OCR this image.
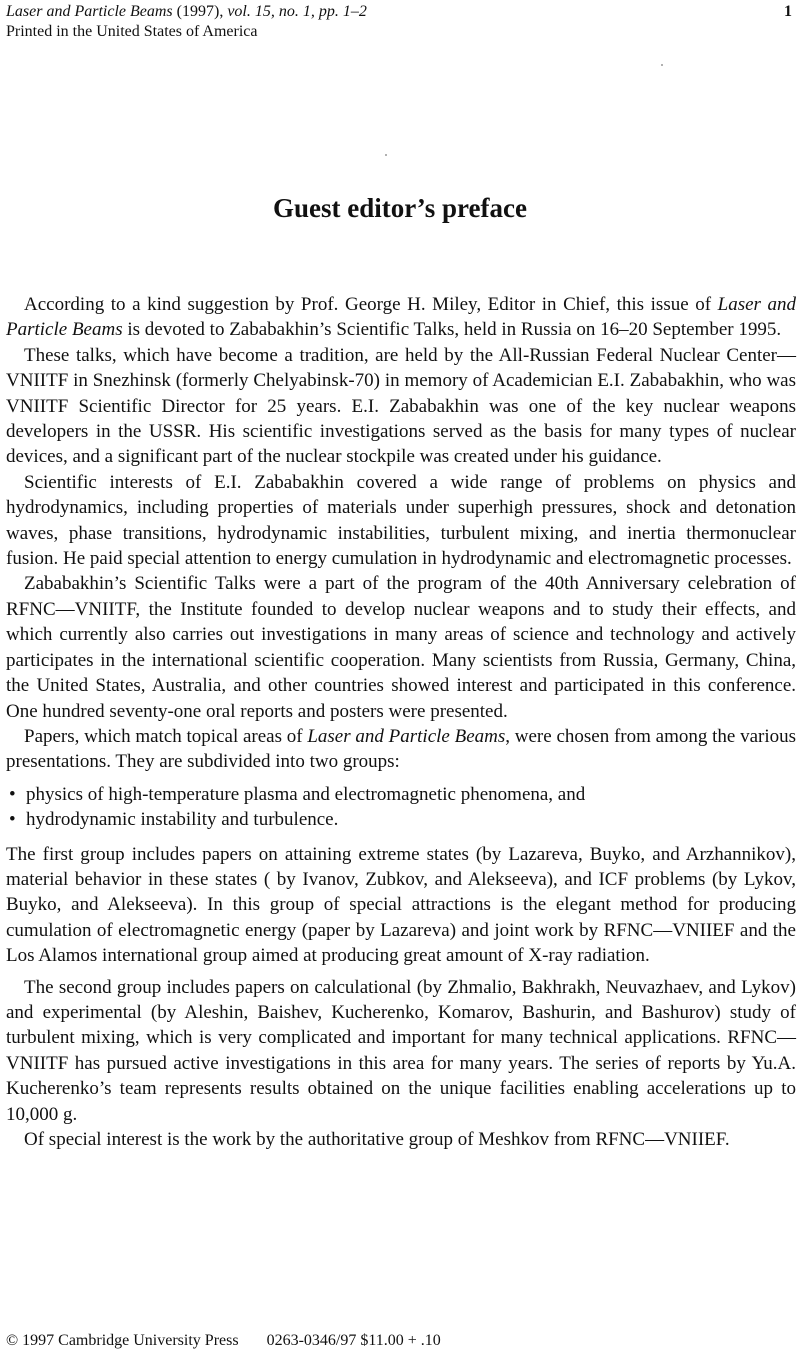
Laser and Particle Beams (1997), vol. 15, no. 1, pp. 1–2
Printed in the United States of America
1
Guest editor’s preface

According to a kind suggestion by Prof. George H. Miley, Editor in Chief, this issue of Laser and Particle Beams is devoted to Zababakhin’s Scientific Talks, held in Russia on 16–20 September 1995.

These talks, which have become a tradition, are held by the All-Russian Federal Nuclear Center—VNIITF in Snezhinsk (formerly Chelyabinsk-70) in memory of Academician E.I. Zababakhin, who was VNIITF Scientific Director for 25 years. E.I. Zababakhin was one of the key nuclear weapons developers in the USSR. His scientific investigations served as the basis for many types of nuclear devices, and a significant part of the nuclear stockpile was created under his guidance.

Scientific interests of E.I. Zababakhin covered a wide range of problems on physics and hydrodynamics, including properties of materials under superhigh pressures, shock and detonation waves, phase transitions, hydrodynamic instabilities, turbulent mixing, and inertia thermonuclear fusion. He paid special attention to energy cumulation in hydrodynamic and electromagnetic processes.

Zababakhin’s Scientific Talks were a part of the program of the 40th Anniversary celebration of RFNC—VNIITF, the Institute founded to develop nuclear weapons and to study their effects, and which currently also carries out investigations in many areas of science and technology and actively participates in the international scientific cooperation. Many scientists from Russia, Germany, China, the United States, Australia, and other countries showed interest and participated in this conference. One hundred seventy-one oral reports and posters were presented.

Papers, which match topical areas of Laser and Particle Beams, were chosen from among the various presentations. They are subdivided into two groups:

• physics of high-temperature plasma and electromagnetic phenomena, and
• hydrodynamic instability and turbulence.

The first group includes papers on attaining extreme states (by Lazareva, Buyko, and Arzhannikov), material behavior in these states ( by Ivanov, Zubkov, and Alekseeva), and ICF problems (by Lykov, Buyko, and Alekseeva). In this group of special attractions is the elegant method for producing cumulation of electromagnetic energy (paper by Lazareva) and joint work by RFNC—VNIIEF and the Los Alamos international group aimed at producing great amount of X-ray radiation.

The second group includes papers on calculational (by Zhmalio, Bakhrakh, Neuvazhaev, and Lykov) and experimental (by Aleshin, Baishev, Kucherenko, Komarov, Bashurin, and Bashurov) study of turbulent mixing, which is very complicated and important for many technical applications. RFNC—VNIITF has pursued active investigations in this area for many years. The series of reports by Yu.A. Kucherenko’s team represents results obtained on the unique facilities enabling accelerations up to 10,000 g.

Of special interest is the work by the authoritative group of Meshkov from RFNC—VNIIEF.

© 1997 Cambridge University Press 0263-0346/97 $11.00 + .10
